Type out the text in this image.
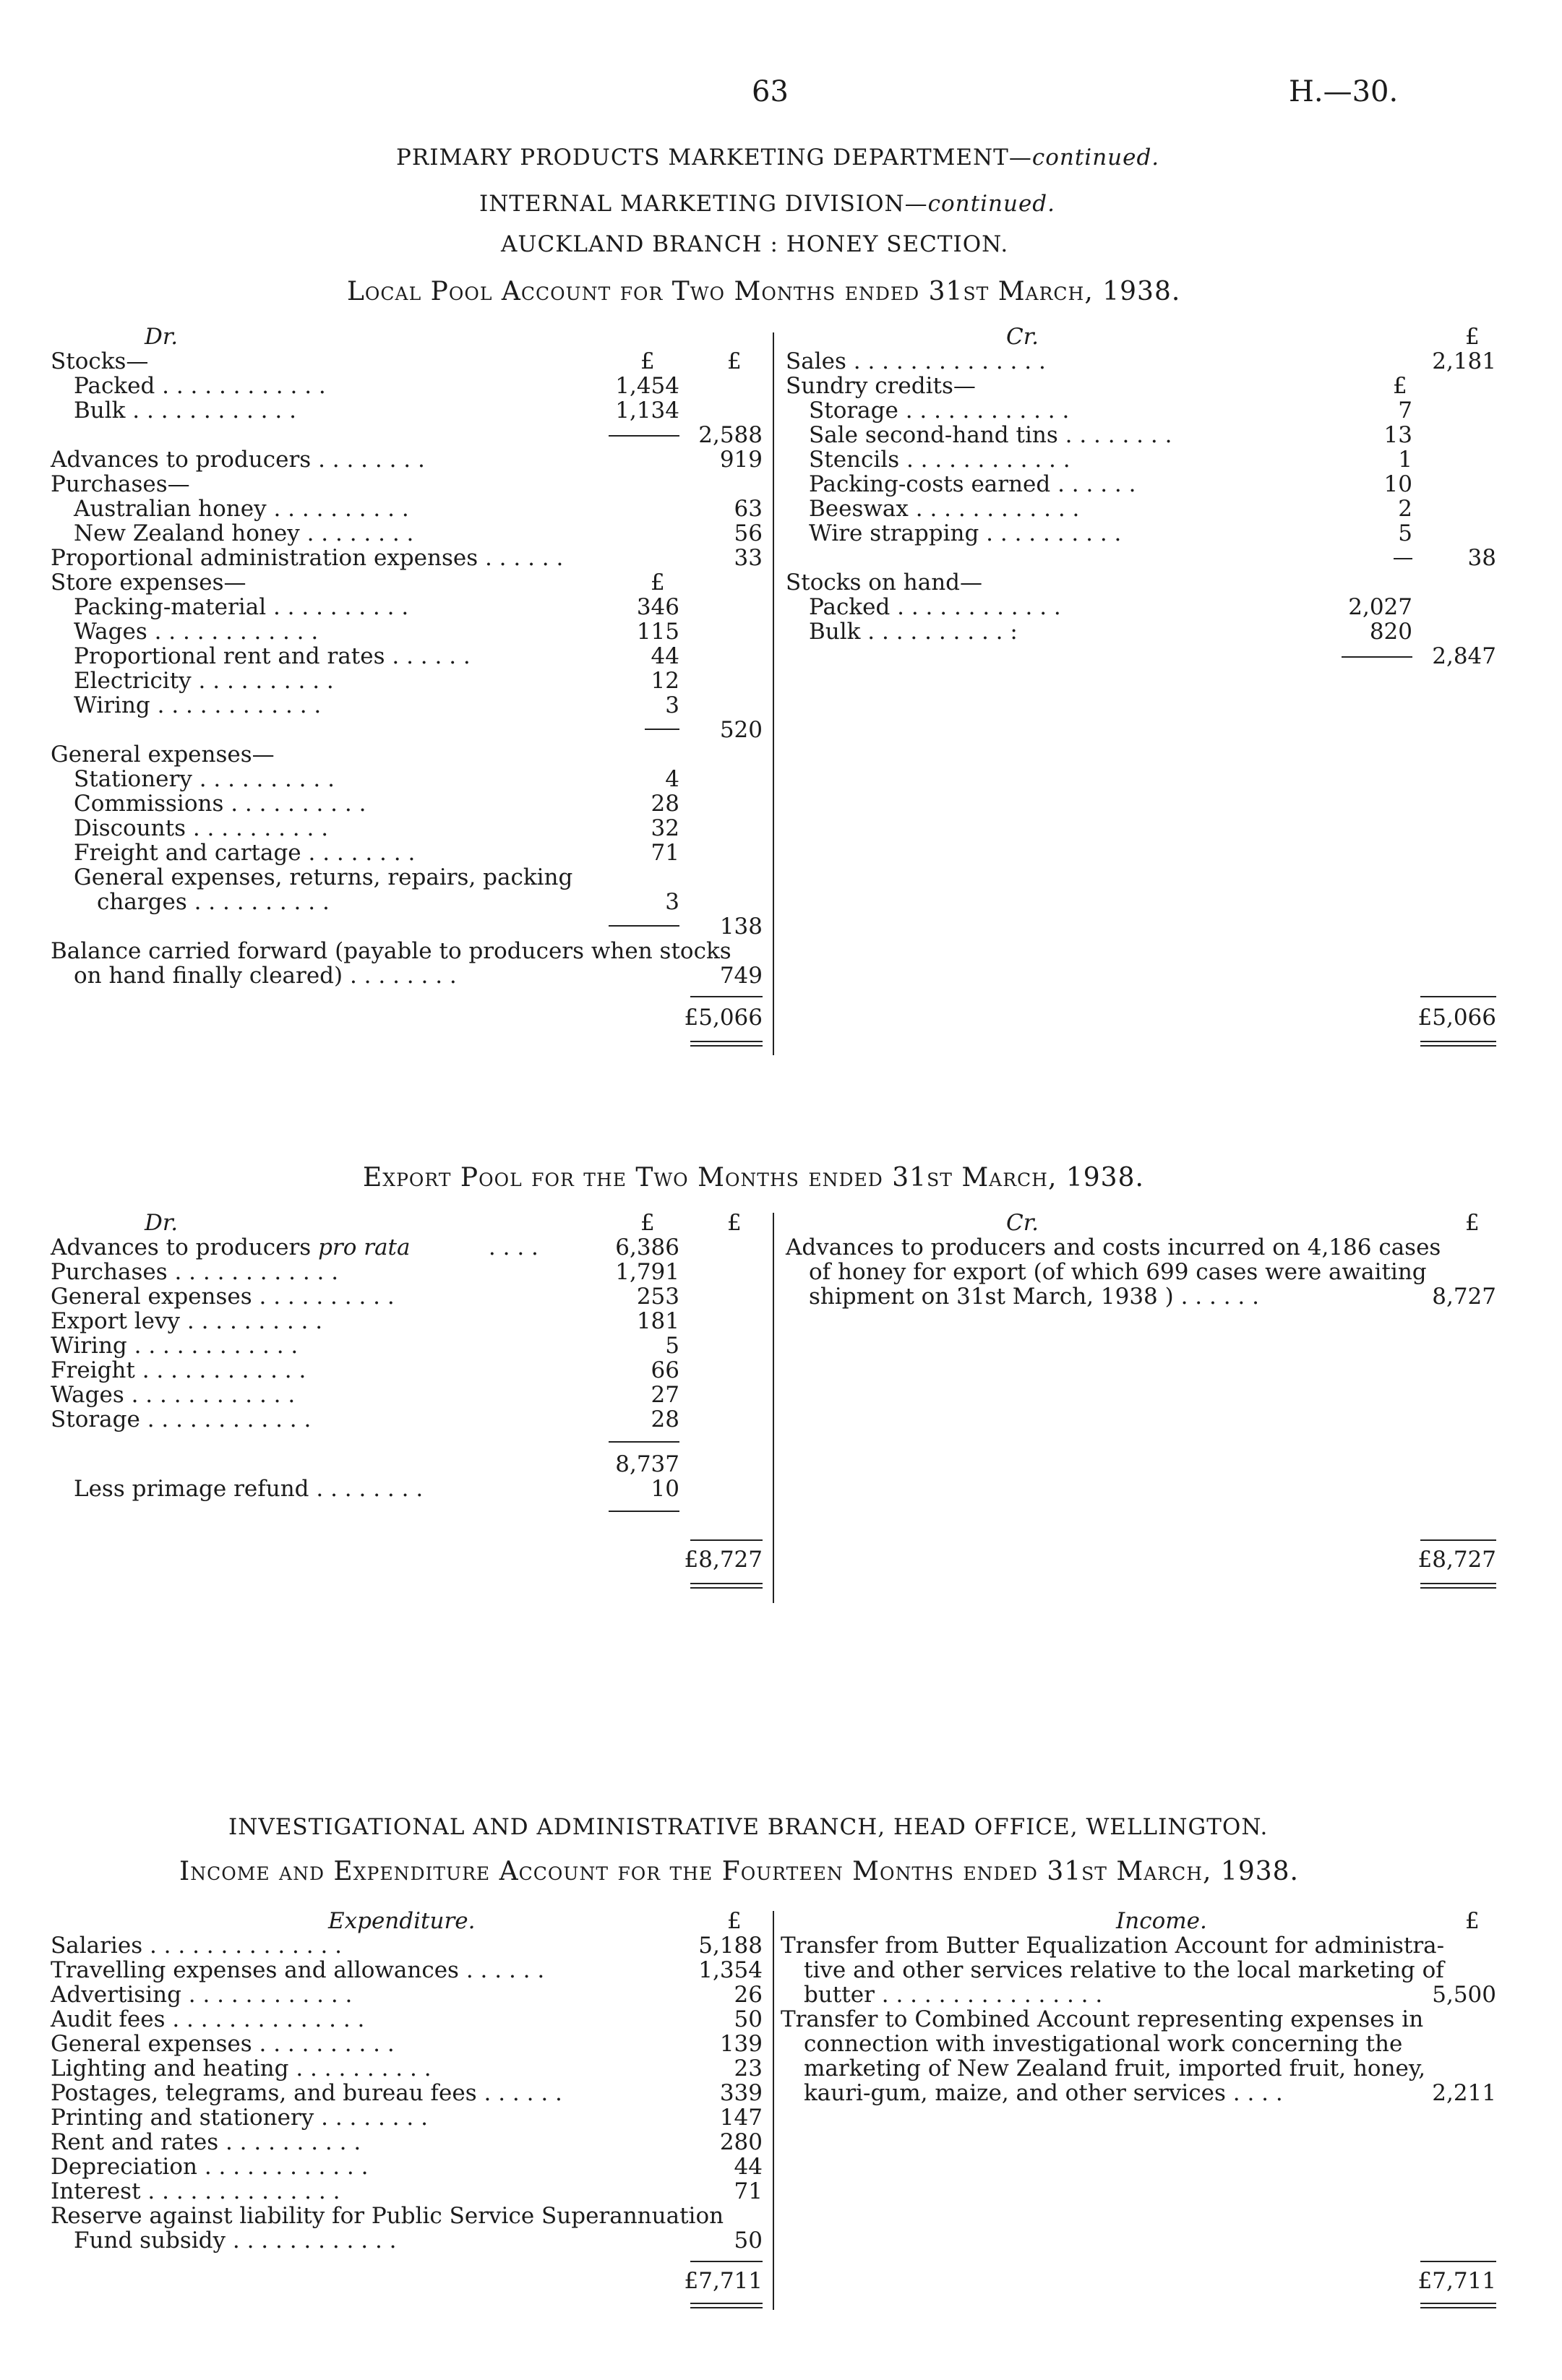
63	H.—30.
PRIMARY PRODUCTS MARKETING DEPARTMENT—continued.
INTERNAL MARKETING DIVISION—continued.
AUCKLAND BRANCH : HONEY SECTION.
Local Pool Account for Two Months ended 31st March, 1938.
Dr.
£	£
Stocks—
Packed . . . . . . . . . . . .	1,454
Bulk . . . . . . . . . . . .	1,134
2,588
Advances to producers . . . . . . . .	919
Purchases—
Australian honey . . . . . . . . . .	63
New Zealand honey . . . . . . . .	56
Proportional administration expenses . . . . . .	33
Store expenses—	£
Packing-material . . . . . . . . . .	346
Wages . . . . . . . . . . . .	115
Proportional rent and rates . . . . . .	44
Electricity . . . . . . . . . .	12
Wiring . . . . . . . . . . . .	3
520
General expenses—
Stationery . . . . . . . . . .	4
Commissions . . . . . . . . . .	28
Discounts . . . . . . . . . .	32
Freight and cartage . . . . . . . .	71
General expenses, returns, repairs, packing
charges . . . . . . . . . .	3
138
Balance carried forward (payable to producers when stocks
on hand finally cleared) . . . . . . . .	749
£5,066
Cr.	£
Sales . . . . . . . . . . . . . .	2,181
Sundry credits—	£
Storage . . . . . . . . . . . .	7
Sale second-hand tins . . . . . . . .	13
Stencils . . . . . . . . . . . .	1
Packing-costs earned . . . . . .	10
Beeswax . . . . . . . . . . . .	2
Wire strapping . . . . . . . . . .	5
38
Stocks on hand—
Packed . . . . . . . . . . . .	2,027
Bulk . . . . . . . . . . :	820
2,847
£5,066
Export Pool for the Two Months ended 31st March, 1938.
Dr.	£	£
Advances to producers pro rata	. . . .	6,386
Purchases . . . . . . . . . . . .	1,791
General expenses . . . . . . . . . .	253
Export levy . . . . . . . . . .	181
Wiring . . . . . . . . . . . .	5
Freight . . . . . . . . . . . .	66
Wages . . . . . . . . . . . .	27
Storage . . . . . . . . . . . .	28
8,737
Less primage refund . . . . . . . .	10
£8,727
Cr.	£
Advances to producers and costs incurred on 4,186 cases
of honey for export (of which 699 cases were awaiting
shipment on 31st March, 1938 ) . . . . . .	8,727
£8,727
INVESTIGATIONAL AND ADMINISTRATIVE BRANCH, HEAD OFFICE, WELLINGTON.
Income and Expenditure Account for the Fourteen Months ended 31st March, 1938.
Expenditure.	£
Salaries . . . . . . . . . . . . . .	5,188
Travelling expenses and allowances . . . . . .	1,354
Advertising . . . . . . . . . . . .	26
Audit fees . . . . . . . . . . . . . .	50
General expenses . . . . . . . . . .	139
Lighting and heating . . . . . . . . . .	23
Postages, telegrams, and bureau fees . . . . . .	339
Printing and stationery . . . . . . . .	147
Rent and rates . . . . . . . . . .	280
Depreciation . . . . . . . . . . . .	44
Interest . . . . . . . . . . . . . .	71
Reserve against liability for Public Service Superannuation
Fund subsidy . . . . . . . . . . . .	50
£7,711
Income.	£
Transfer from Butter Equalization Account for administra-
tive and other services relative to the local marketing of
butter . . . . . . . . . . . . . . . .	5,500
Transfer to Combined Account representing expenses in
connection with investigational work concerning the
marketing of New Zealand fruit, imported fruit, honey,
kauri-gum, maize, and other services . . . .	2,211
£7,711
